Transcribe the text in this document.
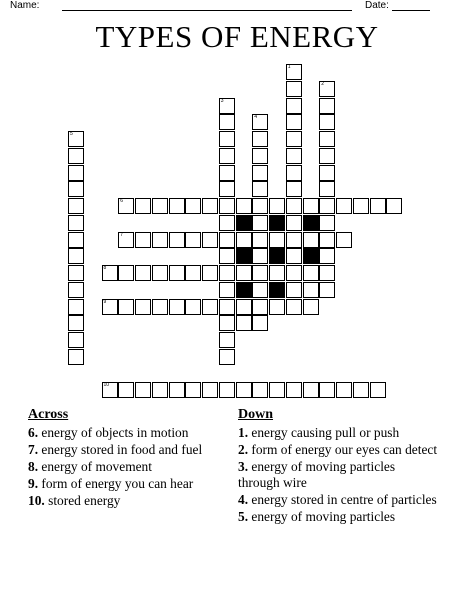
Name:	Date:
TYPES OF ENERGY
1
2
3
4
5
6
7
8
9
10
Across
6. energy of objects in motion
7. energy stored in food and fuel
8. energy of movement
9. form of energy you can hear
10. stored energy
Down
1. energy causing pull or push
2. form of energy our eyes can detect
3. energy of moving particles through wire
4. energy stored in centre of particles
5. energy of moving particles
